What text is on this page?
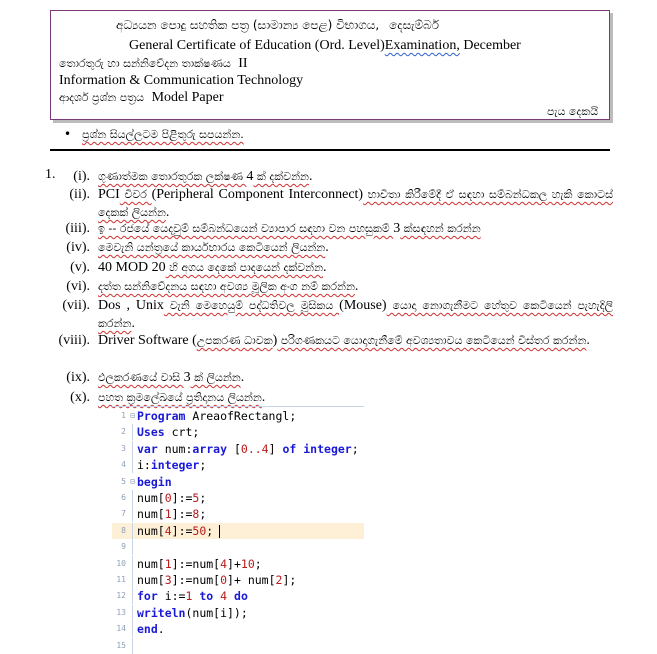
අධ්‍යයන පොදු සහතික පත්‍ර (සාමාන්‍ය පෙළ) විභාගය, දෙසැම්බර්
General Certificate of Education (Ord. Level)Examination, December
තොරතුරු හා සන්නිවේදන තාක්ෂණය II
Information & Communication Technology
ආදර්ශ ප්‍රශ්න පත්‍රය Model Paper
පැය දෙකයි
• ප්‍රශ්න සියල්ලටම පිළිතුරු සපයන්න.
1.	(i). ගුණාත්මක තොරතුරක ලක්ෂණ 4 ක් දක්වන්න.
(ii). PCI විවර (Peripheral Component Interconnect) භාවිතා කිරීමේදී ඒ සඳහා සම්බන්ධකල හැකි කොටස් දෙකක් ලියන්න.
(iii). ඉ -- රජයේ යෙදවුම් සම්බන්ධයෙන් ව්‍යාපාර සඳහා වන පහසුකම් 3 ක්සඳහන් කරන්න
(iv). මෙවැනි යන්ත්‍රයේ කාර්යභාරය කෙටියෙන් ලියන්න.
(v). 40 MOD 20 හි අගය දෙකේ පාදයෙන් දක්වන්න.
(vi). දත්ත සන්නිවේදනය සඳහා අවශ්‍ය මූලික අංග නම් කරන්න.
(vii). Dos , Unix වැනි මෙහෙයුම් පද්ධතිවල මූසිකය (Mouse) යොදා නොගැනීමට හේතුව කෙටියෙන් පැහැදිලි කරන්න.
(viii). Driver Software (උපකරණ ධාවක) පරිගණකයට යොදාගැනීමේ අවශ්‍යතාවය කෙටියෙන් විස්තර කරන්න.
(ix). ඵලකරණයේ වාසි 3 ක් ලියන්න.
(x). පහත ක්‍රමලේඛයේ ප්‍රතිදානය ලියන්න.
1 ⊟ Program AreaofRectangl;
2 Uses crt;
3 var num:array [0..4] of integer;
4 i:integer;
5 ⊟ begin
6 num[0]:=5;
7 num[1]:=8;
8 num[4]:=50;
9
10 num[1]:=num[4]+10;
11 num[3]:=num[0]+ num[2];
12 for i:=1 to 4 do
13 writeln(num[i]);
14 end.
15
